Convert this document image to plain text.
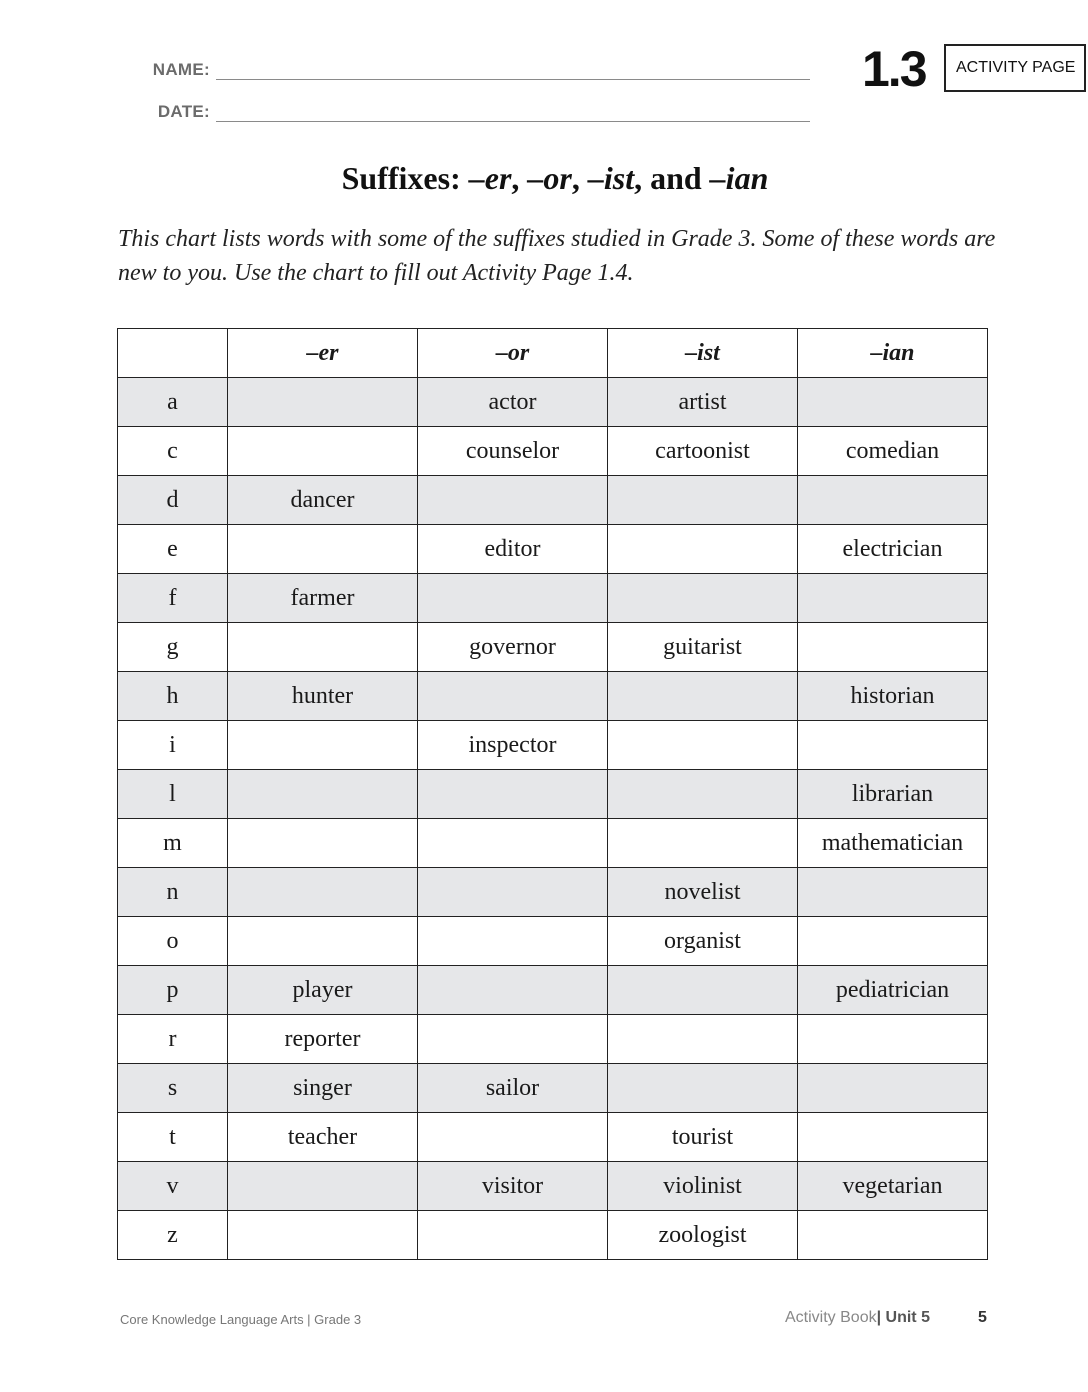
NAME:
DATE:
1.3 ACTIVITY PAGE
Suffixes: –er, –or, –ist, and –ian
This chart lists words with some of the suffixes studied in Grade 3. Some of these words are new to you. Use the chart to fill out Activity Page 1.4.
	–er	–or	–ist	–ian
a		actor	artist	
c		counselor	cartoonist	comedian
d	dancer			
e		editor		electrician
f	farmer			
g		governor	guitarist	
h	hunter			historian
i		inspector		
l				librarian
m				mathematician
n			novelist	
o			organist	
p	player			pediatrician
r	reporter			
s	singer	sailor		
t	teacher		tourist	
v		visitor	violinist	vegetarian
z			zoologist	
Core Knowledge Language Arts | Grade 3	Activity Book| Unit 5	5
